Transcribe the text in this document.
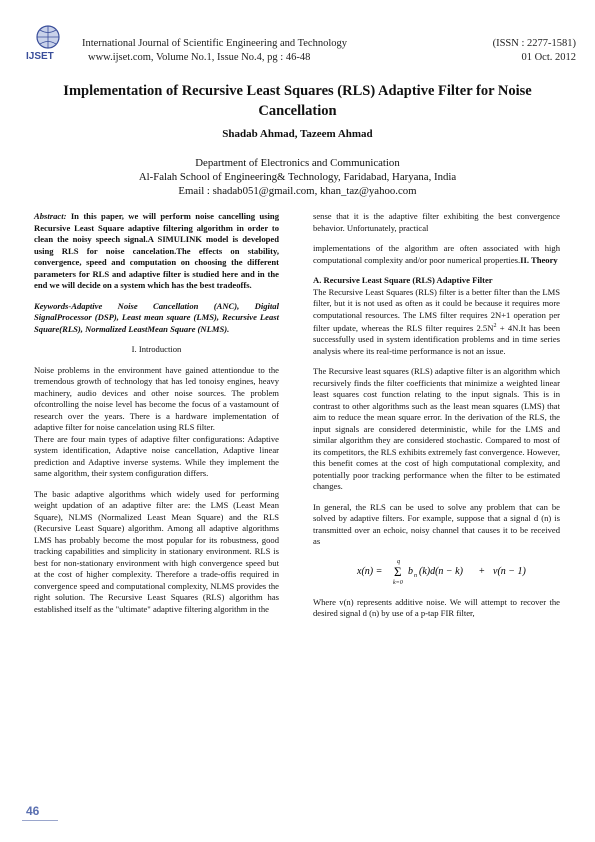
IJSET
International Journal of Scientific Engineering and Technology	(ISSN : 2277-1581)
www.ijset.com, Volume No.1, Issue No.4, pg : 46-48	01 Oct. 2012
Implementation of Recursive Least Squares (RLS) Adaptive Filter for Noise Cancellation
Shadab Ahmad, Tazeem Ahmad
Department of Electronics and Communication
Al-Falah School of Engineering& Technology, Faridabad, Haryana, India
Email : shadab051@gmail.com, khan_taz@yahoo.com

Abstract: In this paper, we will perform noise cancelling using Recursive Least Square adaptive filtering algorithm in order to clean the noisy speech signal.A SIMULINK model is developed using RLS for noise cancelation.The effects on stability, convergence, speed and computation on choosing the different parameters for RLS and adaptive filter is studied here and in the end we will decide on a system which has the best tradeoffs.

Keywords-Adaptive Noise Cancellation (ANC), Digital SignalProcessor (DSP), Least mean square (LMS), Recursive Least Square(RLS), Normalized LeastMean Square (NLMS).

I. Introduction

Noise problems in the environment have gained attentiondue to the tremendous growth of technology that has led tonoisy engines, heavy machinery, audio devices and other noise sources. The problem ofcontrolling the noise level has become the focus of a vastamount of research over the years. There is a hardware implementation of adaptive filter for noise cancelation using RLS filter.

There are four main types of adaptive filter configurations: Adaptive system identification, Adaptive noise cancellation, Adaptive linear prediction and Adaptive inverse systems. While they implement the same algorithm, their system configuration differs.

The basic adaptive algorithms which widely used for performing weight updation of an adaptive filter are: the LMS (Least Mean Square), NLMS (Normalized Least Mean Square) and the RLS (Recursive Least Square) algorithm. Among all adaptive algorithms LMS has probably become the most popular for its robustness, good tracking capabilities and simplicity in stationary environment. RLS is best for non-stationary environment with high convergence speed but at the cost of higher complexity. Therefore a trade-offis required in convergence speed and computational complexity, NLMS provides the right solution. The Recursive Least Squares (RLS) algorithm has established itself as the "ultimate" adaptive filtering algorithm in the

sense that it is the adaptive filter exhibiting the best convergence behavior. Unfortunately, practical

implementations of the algorithm are often associated with high computational complexity and/or poor numerical properties.II. Theory

A. Recursive Least Square (RLS) Adaptive Filter

The Recursive Least Squares (RLS) filter is a better filter than the LMS filter, but it is not used as often as it could be because it requires more computational resources. The LMS filter requires 2N+1 operation per filter update, whereas the RLS filter requires $2.5N^2 + 4N.It$ has been successfully used in system identification problems and in time series analysis where its real-time performance is not an issue.

The Recursive least squares (RLS) adaptive filter is an algorithm which recursively finds the filter coefficients that minimize a weighted linear least squares cost function relating to the input signals. This is in contrast to other algorithms such as the least mean squares (LMS) that aim to reduce the mean square error. In the derivation of the RLS, the input signals are considered deterministic, while for the LMS and similar algorithm they are considered stochastic. Compared to most of its competitors, the RLS exhibits extremely fast convergence. However, this benefit comes at the cost of high computational complexity, and potentially poor tracking performance when the filter to be estimated changes.

In general, the RLS can be used to solve any problem that can be solved by adaptive filters. For example, suppose that a signal d (n) is transmitted over an echoic, noisy channel that causes it to be received as

x(n) =
q
Σ
k=0
b n (k)d(n − k) + v(n − 1)

Where v(n) represents additive noise. We will attempt to recover the desired signal d (n) by use of a p-tap FIR filter,

46
